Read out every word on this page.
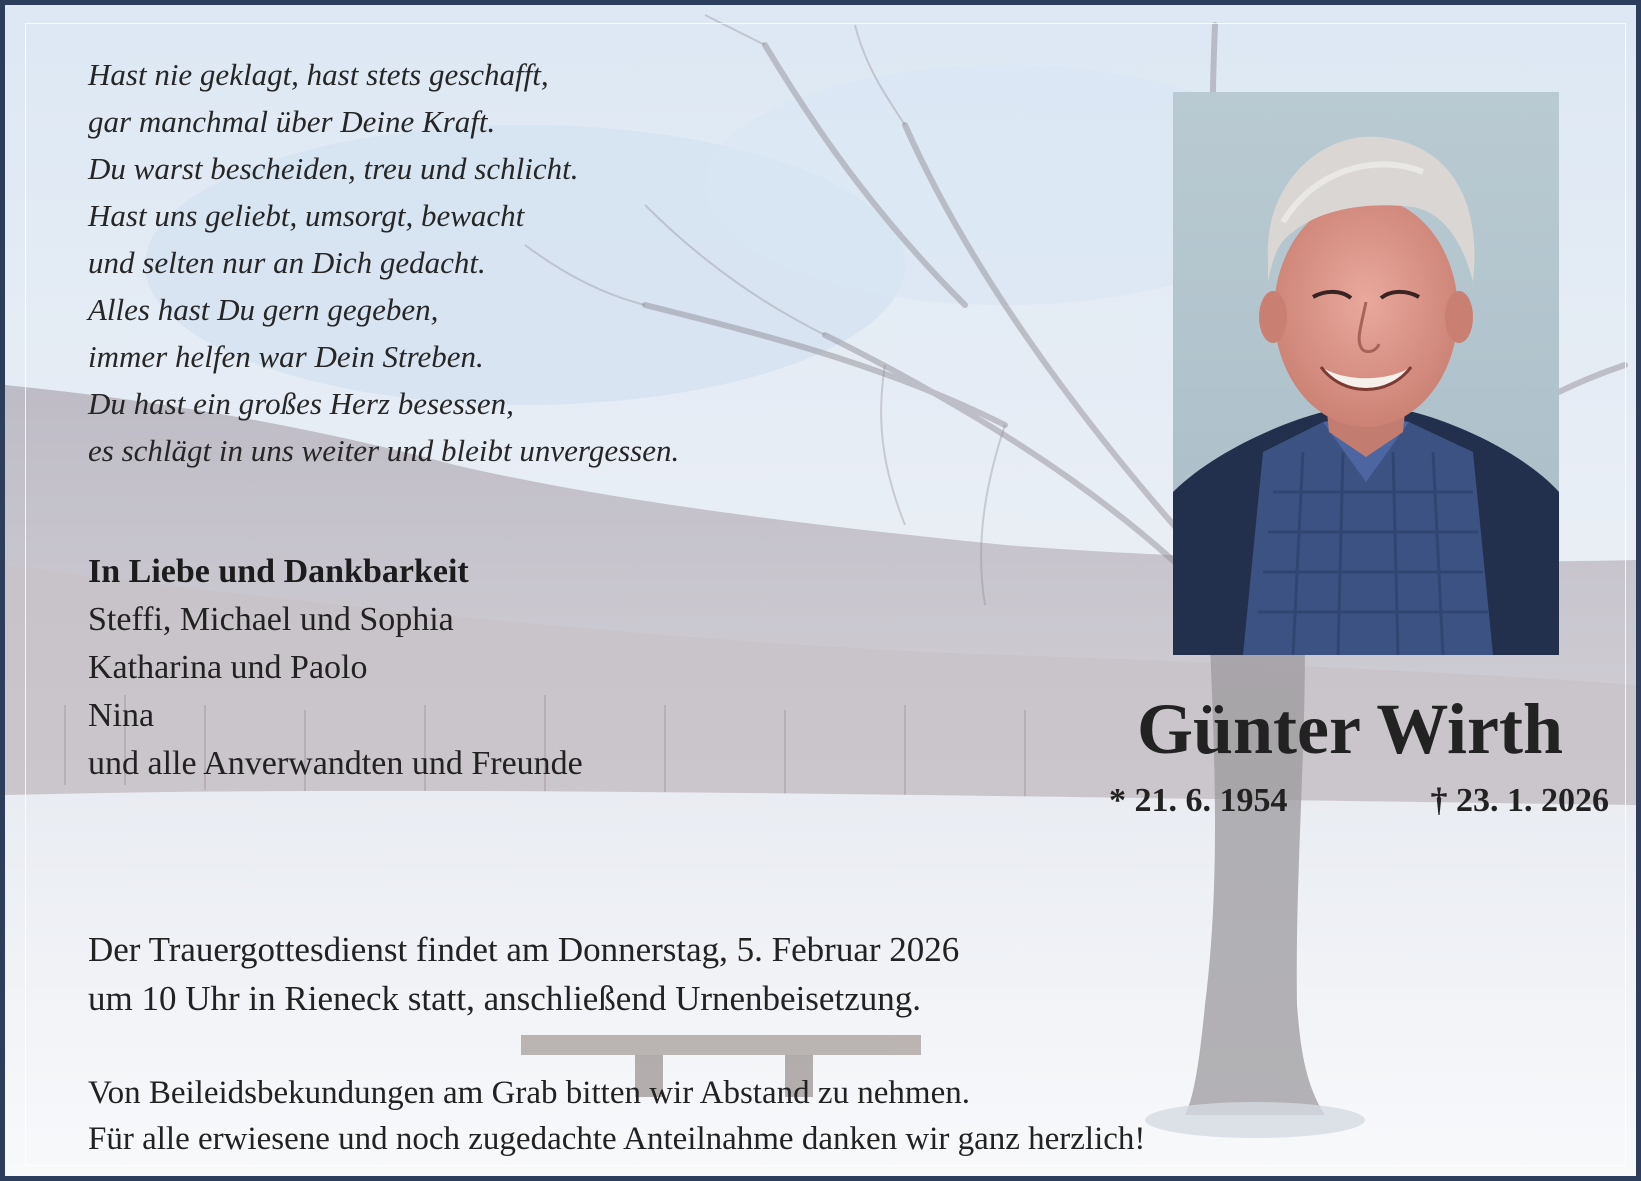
Hast nie geklagt, hast stets geschafft,
gar manchmal über Deine Kraft.
Du warst bescheiden, treu und schlicht.
Hast uns geliebt, umsorgt, bewacht
und selten nur an Dich gedacht.
Alles hast Du gern gegeben,
immer helfen war Dein Streben.
Du hast ein großes Herz besessen,
es schlägt in uns weiter und bleibt unvergessen.
In Liebe und Dankbarkeit
Steffi, Michael und Sophia
Katharina und Paolo
Nina
und alle Anverwandten und Freunde	Günter Wirth
* 21. 6. 1954	† 23. 1. 2026
Der Trauergottesdienst findet am Donnerstag, 5. Februar 2026
um 10 Uhr in Rieneck statt, anschließend Urnenbeisetzung.
Von Beileidsbekundungen am Grab bitten wir Abstand zu nehmen.
Für alle erwiesene und noch zugedachte Anteilnahme danken wir ganz herzlich!
